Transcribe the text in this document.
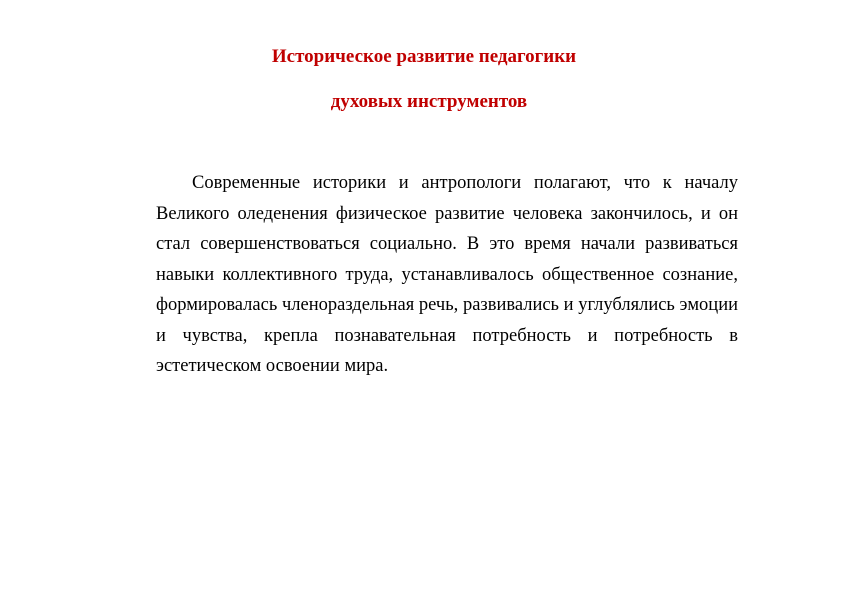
Историческое развитие педагогики
духовых инструментов

Современные историки и антропологи полагают, что к началу Великого оледенения физическое развитие человека закончилось, и он стал совершенствоваться социально. В это время начали развиваться навыки коллективного труда, устанавливалось общественное сознание, формировалась членораздельная речь, развивались и углублялись эмоции и чувства, крепла познавательная потребность и потребность в эстетическом освоении мира.
